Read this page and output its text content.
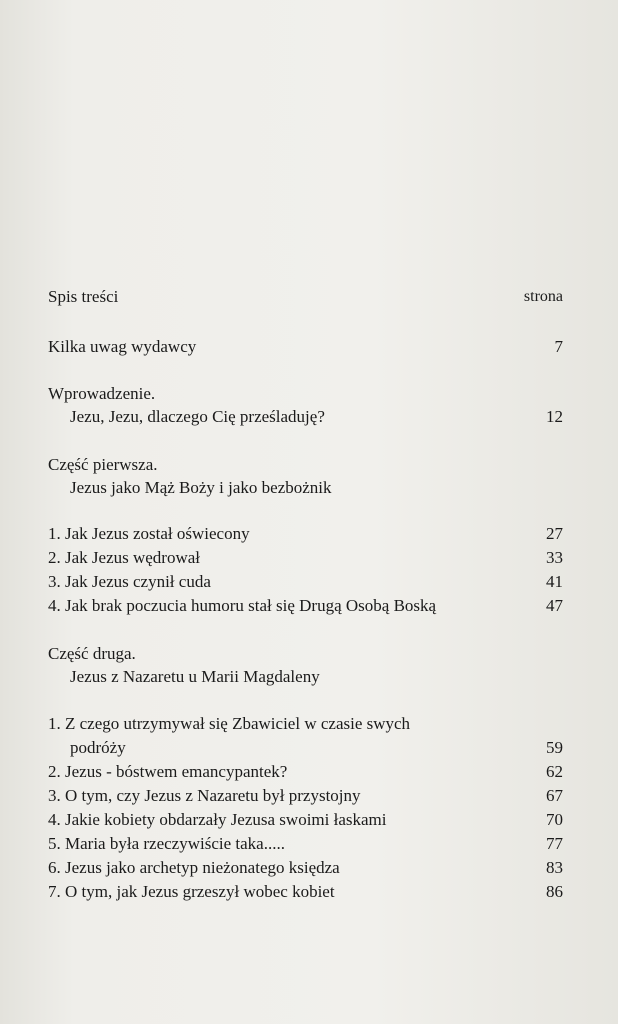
Spis treści	strona
Kilka uwag wydawcy	7
Wprowadzenie.
Jezu, Jezu, dlaczego Cię prześladuję?	12
Część pierwsza.
Jezus jako Mąż Boży i jako bezbożnik
1. Jak Jezus został oświecony	27
2. Jak Jezus wędrował	33
3. Jak Jezus czynił cuda	41
4. Jak brak poczucia humoru stał się Drugą Osobą Boską	47
Część druga.
Jezus z Nazaretu u Marii Magdaleny
1. Z czego utrzymywał się Zbawiciel w czasie swych
podróży	59
2. Jezus - bóstwem emancypantek?	62
3. O tym, czy Jezus z Nazaretu był przystojny	67
4. Jakie kobiety obdarzały Jezusa swoimi łaskami	70
5. Maria była rzeczywiście taka.....	77
6. Jezus jako archetyp nieżonatego księdza	83
7. O tym, jak Jezus grzeszył wobec kobiet	86
